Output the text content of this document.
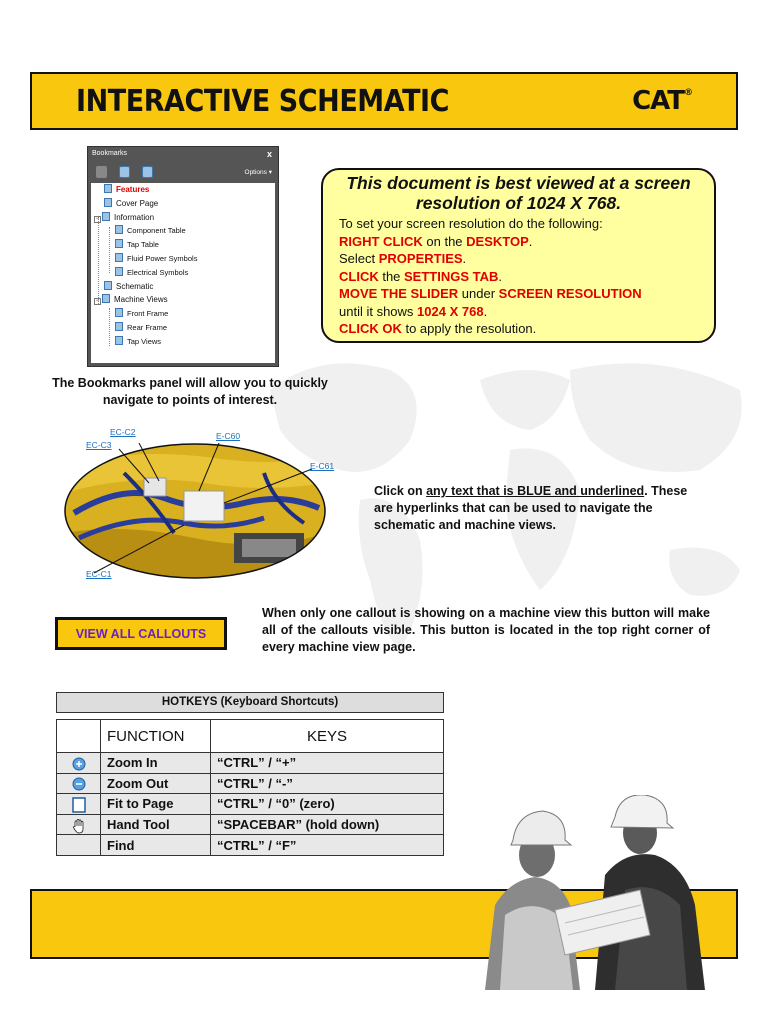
INTERACTIVE SCHEMATIC	CAT®
Bookmarks	x
Options ▾
Features
Cover Page
− Information
Component Table
Tap Table
Fluid Power Symbols
Electrical Symbols
Schematic
− Machine Views
Front Frame
Rear Frame
Tap Views
The Bookmarks panel will allow you to quickly navigate to points of interest.
This document is best viewed at a screen resolution of 1024 X 768.
To set your screen resolution do the following:
RIGHT CLICK on the DESKTOP.
Select PROPERTIES.
CLICK the SETTINGS TAB.
MOVE THE SLIDER under SCREEN RESOLUTION
until it shows 1024 X 768.
CLICK OK to apply the resolution.
EC-C2
EC-C3
E-C60
E-C61
EC-C1
Click on any text that is BLUE and underlined. These are hyperlinks that can be used to navigate the schematic and machine views.
VIEW ALL CALLOUTS
When only one callout is showing on a machine view this button will make all of the callouts visible. This button is located in the top right corner of every machine view page.
HOTKEYS (Keyboard Shortcuts)
	FUNCTION	KEYS
	Zoom In	“CTRL” / “+”
	Zoom Out	“CTRL” / “-”
	Fit to Page	“CTRL” / “0” (zero)
	Hand Tool	“SPACEBAR” (hold down)
	Find	“CTRL” / “F”
